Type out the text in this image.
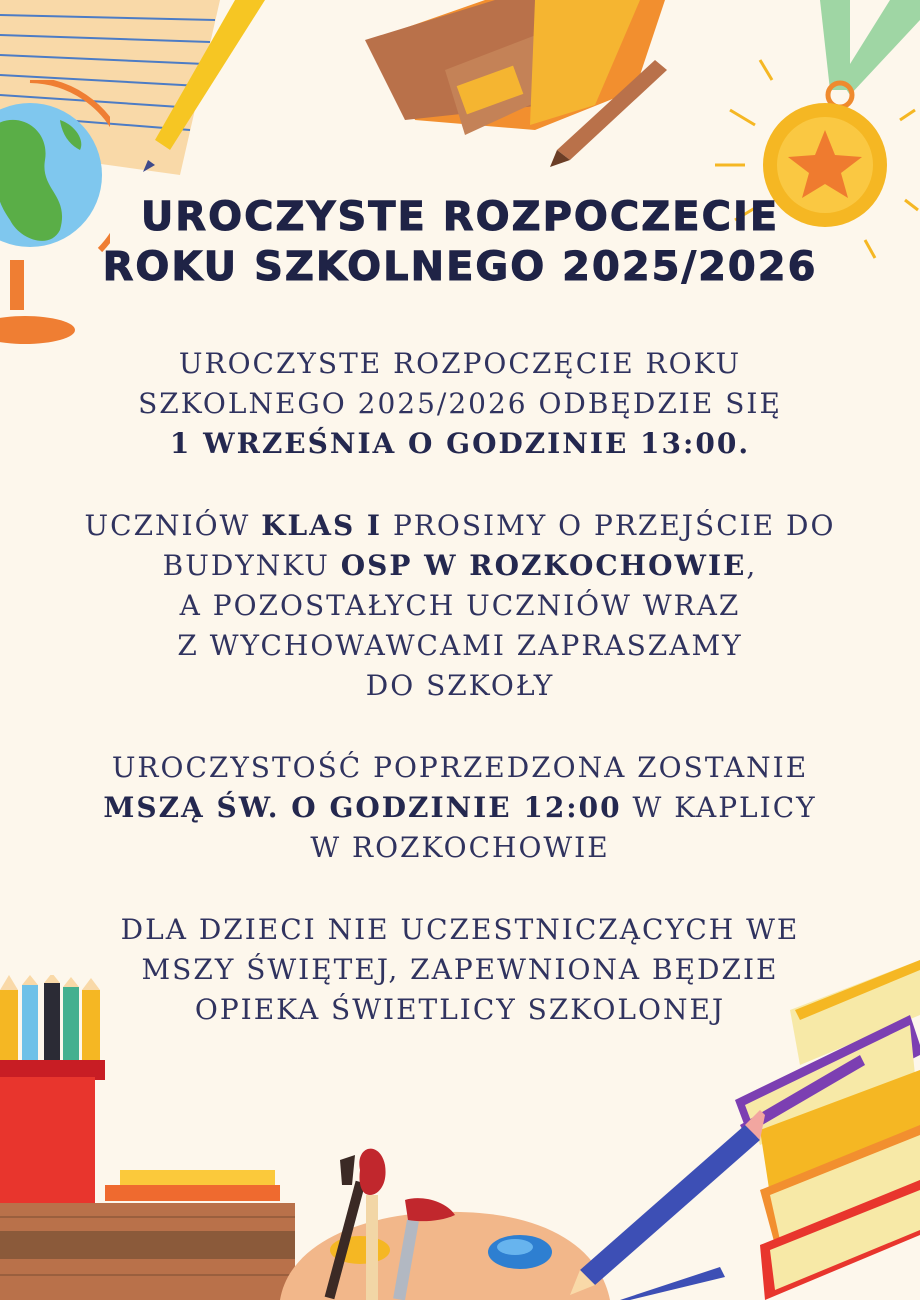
UROCZYSTE ROZPOCZECIE
ROKU SZKOLNEGO 2025/2026
UROCZYSTE ROZPOCZĘCIE ROKU
SZKOLNEGO 2025/2026 ODBĘDZIE SIĘ
1 WRZEŚNIA O GODZINIE 13:00.
UCZNIÓW KLAS I PROSIMY O PRZEJŚCIE DO
BUDYNKU OSP W ROZKOCHOWIE,
A POZOSTAŁYCH UCZNIÓW WRAZ
Z WYCHOWAWCAMI ZAPRASZAMY
DO SZKOŁY
UROCZYSTOŚĆ POPRZEDZONA ZOSTANIE
MSZĄ ŚW. O GODZINIE 12:00 W KAPLICY
W ROZKOCHOWIE
DLA DZIECI NIE UCZESTNICZĄCYCH WE
MSZY ŚWIĘTEJ, ZAPEWNIONA BĘDZIE
OPIEKA ŚWIETLICY SZKOLONEJ
